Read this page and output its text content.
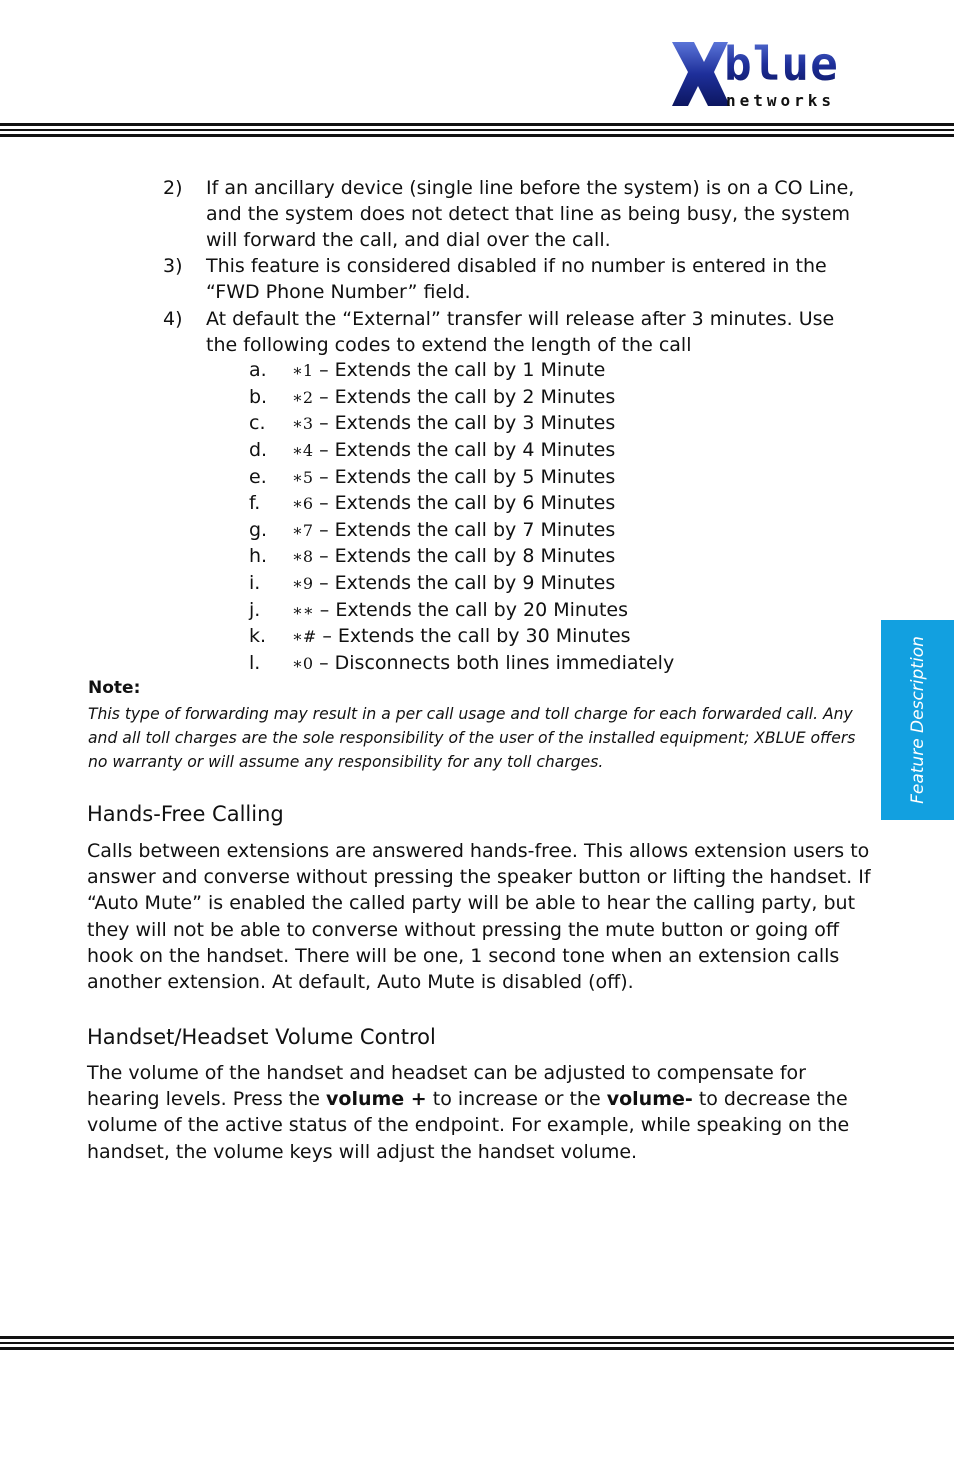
blue
networks
Feature Description
2) If an ancillary device (single line before the system) is on a CO Line, and the system does not detect that line as being busy, the system will forward the call, and dial over the call.
3) This feature is considered disabled if no number is entered in the “FWD Phone Number” field.
4) At default the “External” transfer will release after 3 minutes. Use the following codes to extend the length of the call
a. ∗1 – Extends the call by 1 Minute
b. ∗2 – Extends the call by 2 Minutes
c. ∗3 – Extends the call by 3 Minutes
d. ∗4 – Extends the call by 4 Minutes
e. ∗5 – Extends the call by 5 Minutes
f. ∗6 – Extends the call by 6 Minutes
g. ∗7 – Extends the call by 7 Minutes
h. ∗8 – Extends the call by 8 Minutes
i. ∗9 – Extends the call by 9 Minutes
j. ∗∗ – Extends the call by 20 Minutes
k. ∗# – Extends the call by 30 Minutes
l. ∗0 – Disconnects both lines immediately
Note:
This type of forwarding may result in a per call usage and toll charge for each forwarded call. Any and all toll charges are the sole responsibility of the user of the installed equipment; XBLUE offers no warranty or will assume any responsibility for any toll charges.
Hands-Free Calling
Calls between extensions are answered hands-free. This allows extension users to answer and converse without pressing the speaker button or lifting the handset. If “Auto Mute” is enabled the called party will be able to hear the calling party, but they will not be able to converse without pressing the mute button or going off hook on the handset. There will be one, 1 second tone when an extension calls another extension. At default, Auto Mute is disabled (off).
Handset/Headset Volume Control
The volume of the handset and headset can be adjusted to compensate for hearing levels. Press the volume + to increase or the volume- to decrease the volume of the active status of the endpoint. For example, while speaking on the handset, the volume keys will adjust the handset volume.
